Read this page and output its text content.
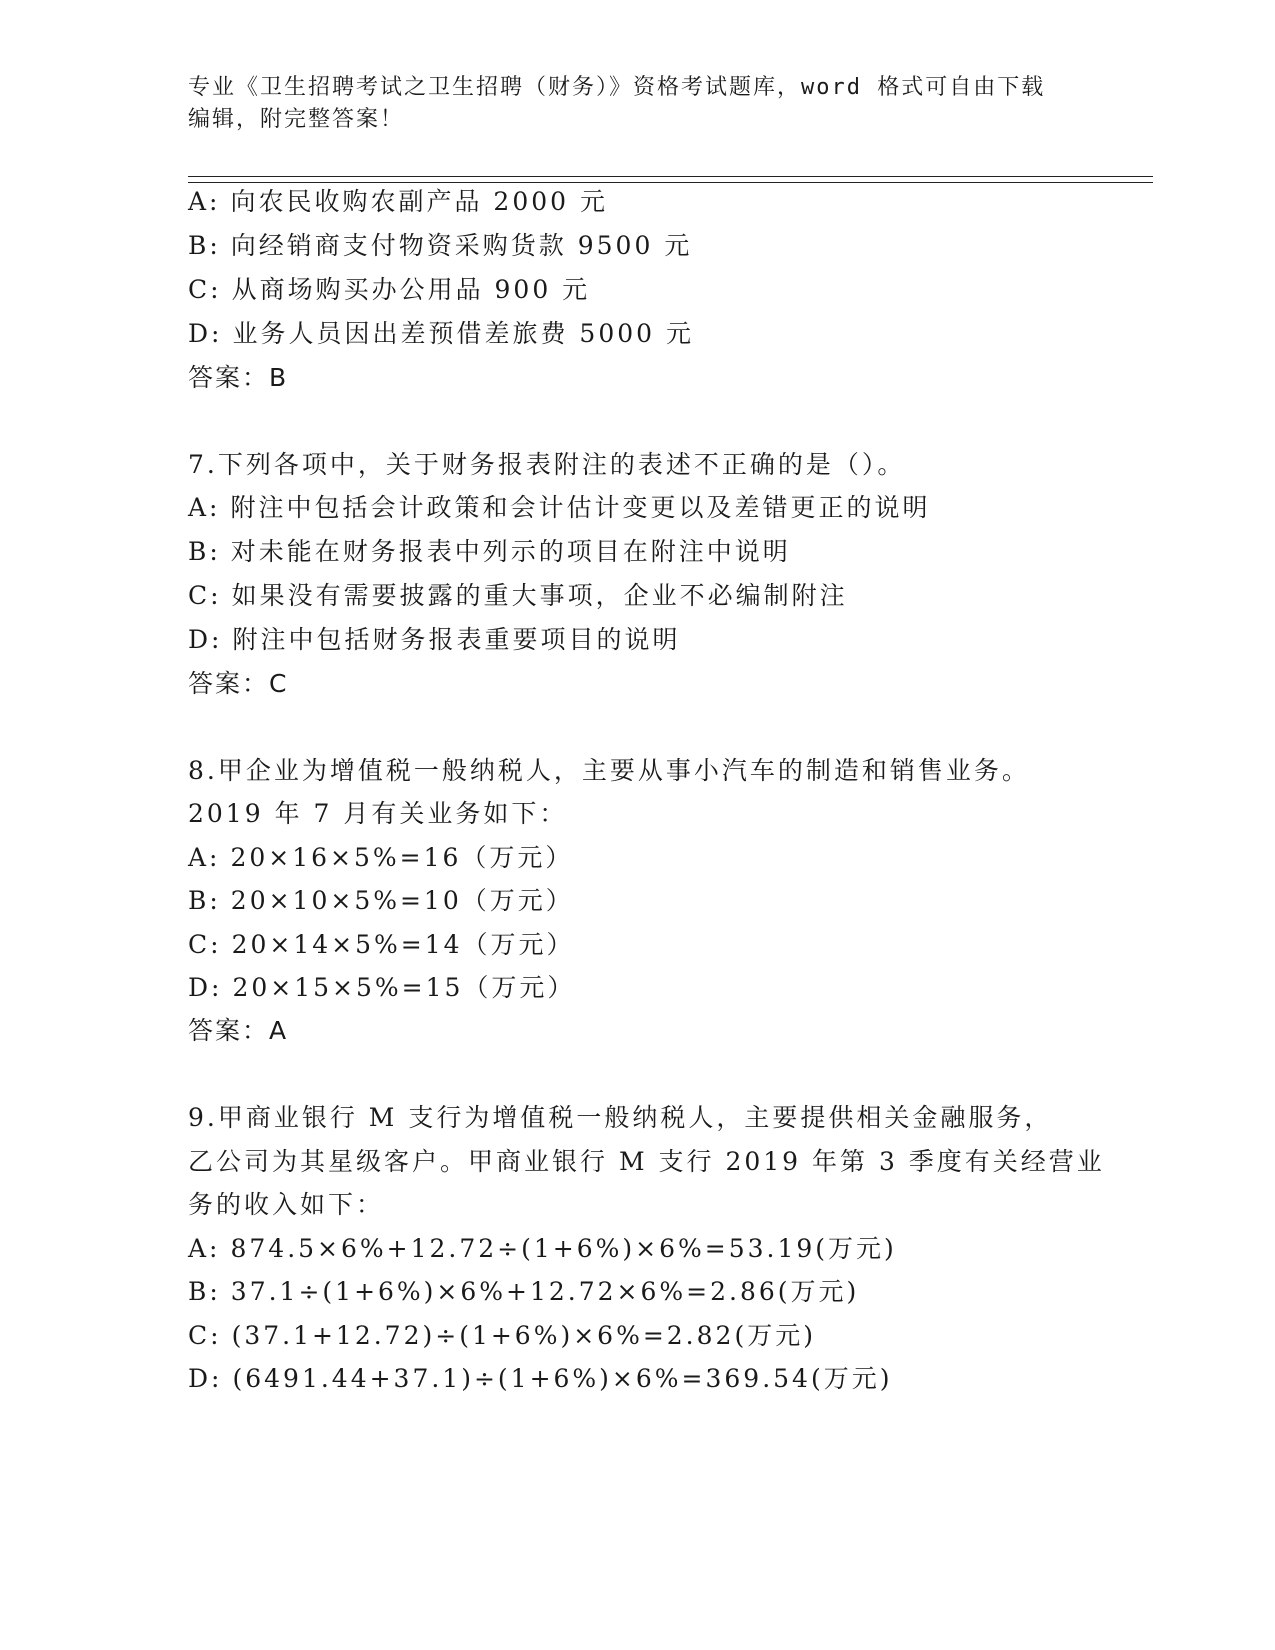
专业《卫生招聘考试之卫生招聘（财务）》资格考试题库，word 格式可自由下载
编辑，附完整答案！
A: 向农民收购农副产品 2000 元
B: 向经销商支付物资采购货款 9500 元
C: 从商场购买办公用品 900 元
D: 业务人员因出差预借差旅费 5000 元
答案：B
7.下列各项中，关于财务报表附注的表述不正确的是（）。
A: 附注中包括会计政策和会计估计变更以及差错更正的说明
B: 对未能在财务报表中列示的项目在附注中说明
C: 如果没有需要披露的重大事项，企业不必编制附注
D: 附注中包括财务报表重要项目的说明
答案：C
8.甲企业为增值税一般纳税人，主要从事小汽车的制造和销售业务。
2019 年 7 月有关业务如下：
A: 20×16×5%=16（万元）
B: 20×10×5%=10（万元）
C: 20×14×5%=14（万元）
D: 20×15×5%=15（万元）
答案：A
9.甲商业银行 M 支行为增值税一般纳税人，主要提供相关金融服务，
乙公司为其星级客户。甲商业银行 M 支行 2019 年第 3 季度有关经营业
务的收入如下：
A: 874.5×6%+12.72÷(1+6%)×6%=53.19(万元)
B: 37.1÷(1+6%)×6%+12.72×6%=2.86(万元)
C: (37.1+12.72)÷(1+6%)×6%=2.82(万元)
D: (6491.44+37.1)÷(1+6%)×6%=369.54(万元)
